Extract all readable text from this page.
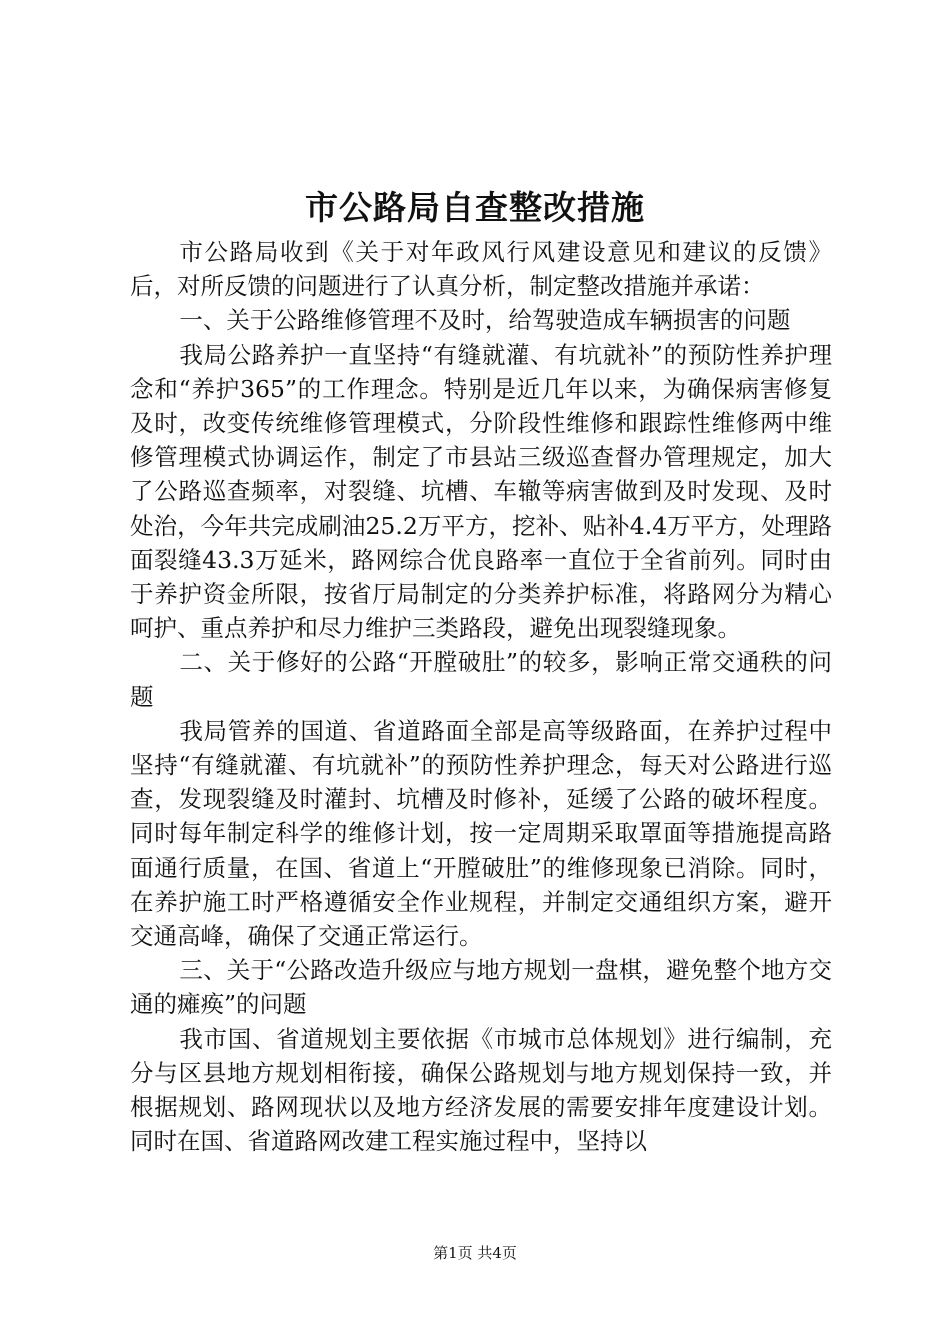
市公路局自查整改措施

市公路局收到《关于对年政风行风建设意见和建议的反馈》后，对所反馈的问题进行了认真分析，制定整改措施并承诺：

一、关于公路维修管理不及时，给驾驶造成车辆损害的问题

我局公路养护一直坚持“有缝就灌、有坑就补”的预防性养护理念和“养护365”的工作理念。特别是近几年以来，为确保病害修复及时，改变传统维修管理模式，分阶段性维修和跟踪性维修两中维修管理模式协调运作，制定了市县站三级巡查督办管理规定，加大了公路巡查频率，对裂缝、坑槽、车辙等病害做到及时发现、及时处治，今年共完成刷油25.2万平方，挖补、贴补4.4万平方，处理路面裂缝43.3万延米，路网综合优良路率一直位于全省前列。同时由于养护资金所限，按省厅局制定的分类养护标准，将路网分为精心呵护、重点养护和尽力维护三类路段，避免出现裂缝现象。

二、关于修好的公路“开膛破肚”的较多，影响正常交通秩的问题

我局管养的国道、省道路面全部是高等级路面，在养护过程中坚持“有缝就灌、有坑就补”的预防性养护理念，每天对公路进行巡查，发现裂缝及时灌封、坑槽及时修补，延缓了公路的破坏程度。同时每年制定科学的维修计划，按一定周期采取罩面等措施提高路面通行质量，在国、省道上“开膛破肚”的维修现象已消除。同时，在养护施工时严格遵循安全作业规程，并制定交通组织方案，避开交通高峰，确保了交通正常运行。

三、关于“公路改造升级应与地方规划一盘棋，避免整个地方交通的瘫痪”的问题

我市国、省道规划主要依据《市城市总体规划》进行编制，充分与区县地方规划相衔接，确保公路规划与地方规划保持一致，并根据规划、路网现状以及地方经济发展的需要安排年度建设计划。同时在国、省道路网改建工程实施过程中，坚持以

第1页 共4页
